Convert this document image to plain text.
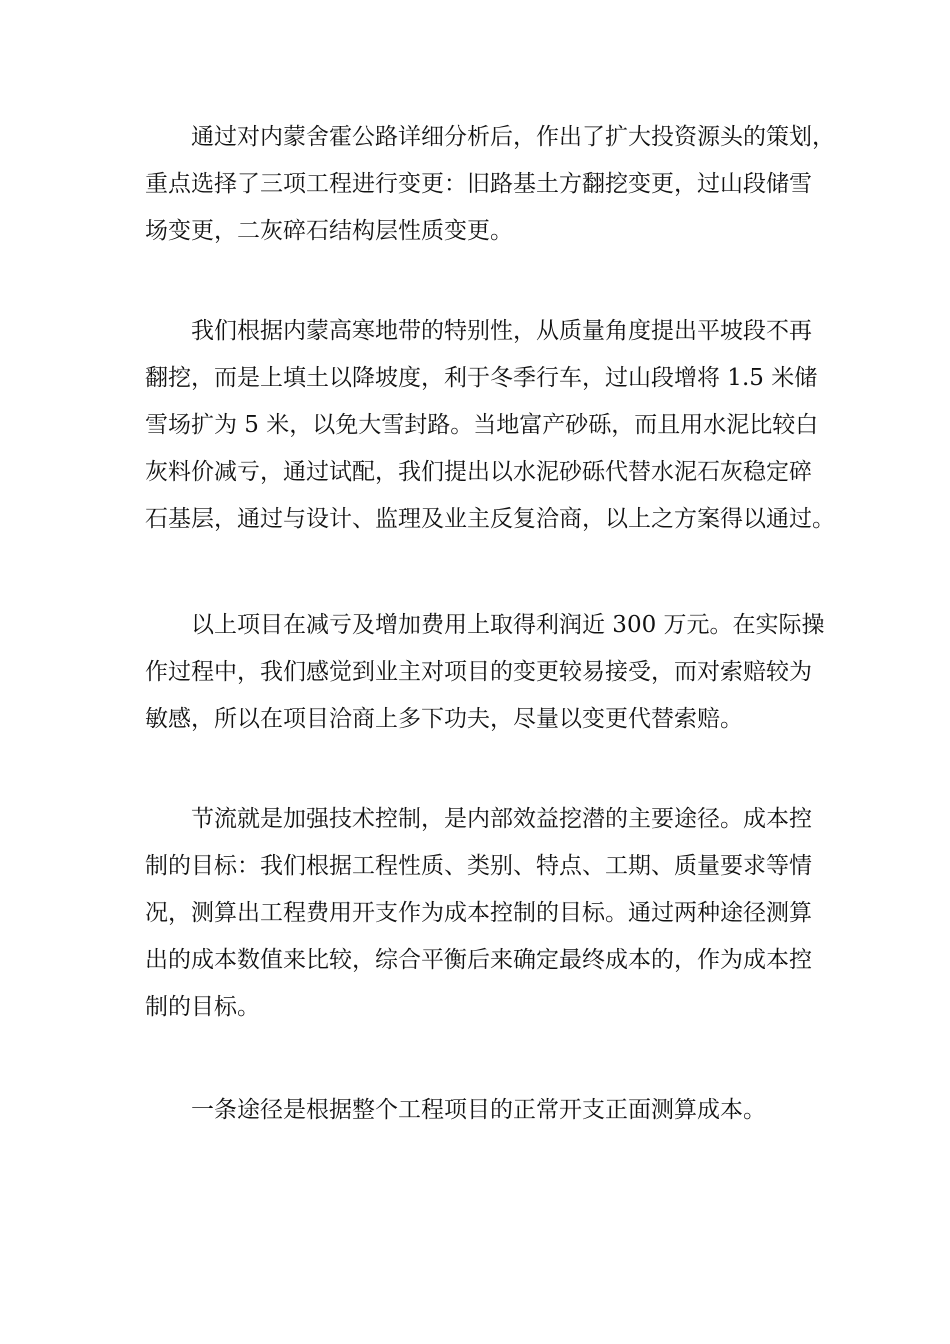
通过对内蒙舍霍公路详细分析后，作出了扩大投资源头的策划，
重点选择了三项工程进行变更：旧路基土方翻挖变更，过山段储雪
场变更，二灰碎石结构层性质变更。
我们根据内蒙高寒地带的特别性，从质量角度提出平坡段不再
翻挖，而是上填土以降坡度，利于冬季行车，过山段增将 1.5 米储
雪场扩为 5 米，以免大雪封路。当地富产砂砾，而且用水泥比较白
灰料价减亏，通过试配，我们提出以水泥砂砾代替水泥石灰稳定碎
石基层，通过与设计、监理及业主反复洽商，以上之方案得以通过。
以上项目在减亏及增加费用上取得利润近 300 万元。在实际操
作过程中，我们感觉到业主对项目的变更较易接受，而对索赔较为
敏感，所以在项目洽商上多下功夫，尽量以变更代替索赔。
节流就是加强技术控制，是内部效益挖潜的主要途径。成本控
制的目标：我们根据工程性质、类别、特点、工期、质量要求等情
况，测算出工程费用开支作为成本控制的目标。通过两种途径测算
出的成本数值来比较，综合平衡后来确定最终成本的，作为成本控
制的目标。
一条途径是根据整个工程项目的正常开支正面测算成本。
